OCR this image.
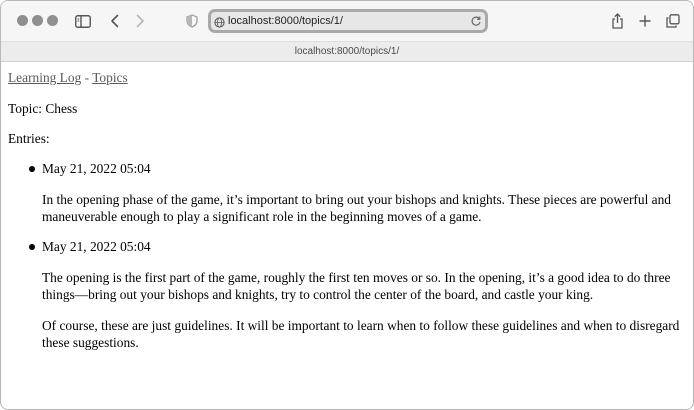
localhost:8000/topics/1/
localhost:8000/topics/1/
Learning Log - Topics
Topic: Chess
Entries:
May 21, 2022 05:04
In the opening phase of the game, it’s important to bring out your bishops and knights. These pieces are powerful and maneuverable enough to play a significant role in the beginning moves of a game.
May 21, 2022 05:04
The opening is the first part of the game, roughly the first ten moves or so. In the opening, it’s a good idea to do three things—bring out your bishops and knights, try to control the center of the board, and castle your king.
Of course, these are just guidelines. It will be important to learn when to follow these guidelines and when to disregard these suggestions.
